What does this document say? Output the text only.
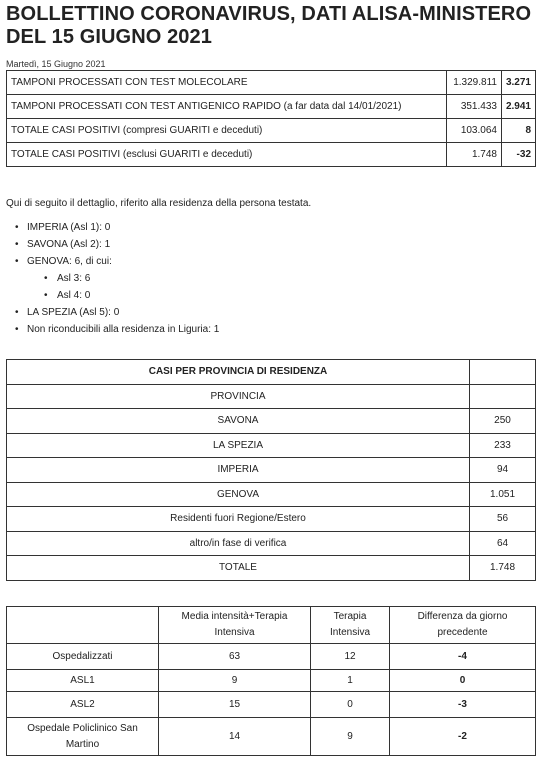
BOLLETTINO CORONAVIRUS, DATI ALISA-MINISTERO DEL 15 GIUGNO 2021
Martedì, 15 Giugno 2021
TAMPONI PROCESSATI CON TEST MOLECOLARE	1.329.811	3.271
TAMPONI PROCESSATI CON TEST ANTIGENICO RAPIDO (a far data dal 14/01/2021)	351.433	2.941
TOTALE CASI POSITIVI (compresi GUARITI e deceduti)	103.064	8
TOTALE CASI POSITIVI (esclusi GUARITI e deceduti)	1.748	-32
Qui di seguito il dettaglio, riferito alla residenza della persona testata.
• IMPERIA (Asl 1): 0
• SAVONA (Asl 2): 1
• GENOVA: 6, di cui:
• Asl 3: 6
• Asl 4: 0
• LA SPEZIA (Asl 5): 0
• Non riconducibili alla residenza in Liguria: 1
CASI PER PROVINCIA DI RESIDENZA	
PROVINCIA	
SAVONA	250
LA SPEZIA	233
IMPERIA	94
GENOVA	1.051
Residenti fuori Regione/Estero	56
altro/in fase di verifica	64
TOTALE	1.748
	Media intensità+Terapia Intensiva	Terapia Intensiva	Differenza da giorno precedente
Ospedalizzati	63	12	-4
ASL1	9	1	0
ASL2	15	0	-3
Ospedale Policlinico San Martino	14	9	-2
